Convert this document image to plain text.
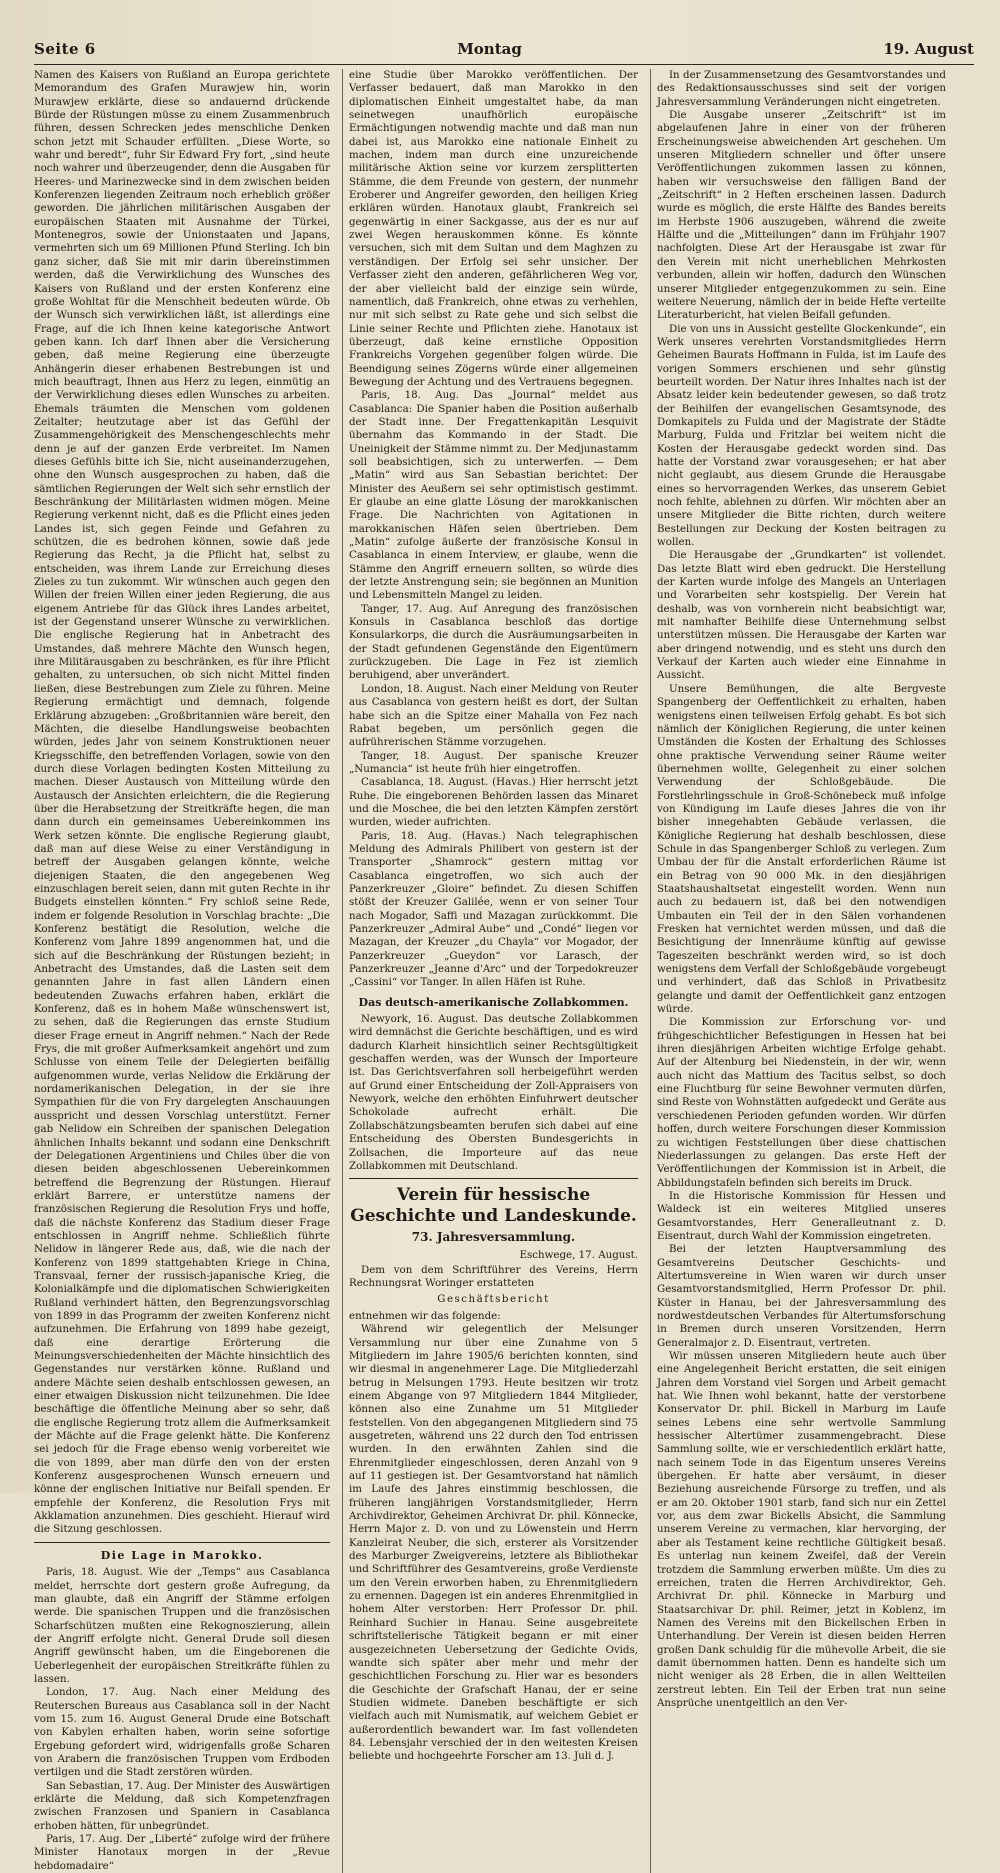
Seite 6	Montag	19. August

Namen des Kaisers von Rußland an Europa gerichtete Memorandum des Grafen Murawjew hin, worin Murawjew erklärte, diese so andauernd drückende Bürde der Rüstungen müsse zu einem Zusammenbruch führen, dessen Schrecken jedes menschliche Denken schon jetzt mit Schauder erfüllten. „Diese Worte, so wahr und beredt“, fuhr Sir Edward Fry fort, „sind heute noch wahrer und überzeugender, denn die Ausgaben für Heeres- und Marinezwecke sind in dem zwischen beiden Konferenzen liegenden Zeitraum noch erheblich größer geworden. Die jährlichen militärischen Ausgaben der europäischen Staaten mit Ausnahme der Türkei, Montenegros, sowie der Unionstaaten und Japans, vermehrten sich um 69 Millionen Pfund Sterling. Ich bin ganz sicher, daß Sie mit mir darin übereinstimmen werden, daß die Verwirklichung des Wunsches des Kaisers von Rußland und der ersten Konferenz eine große Wohltat für die Menschheit bedeuten würde. Ob der Wunsch sich verwirklichen läßt, ist allerdings eine Frage, auf die ich Ihnen keine kategorische Antwort geben kann. Ich darf Ihnen aber die Versicherung geben, daß meine Regierung eine überzeugte Anhängerin dieser erhabenen Bestrebungen ist und mich beauftragt, Ihnen aus Herz zu legen, einmütig an der Verwirklichung dieses edlen Wunsches zu arbeiten. Ehemals träumten die Menschen vom goldenen Zeitalter; heutzutage aber ist das Gefühl der Zusammengehörigkeit des Menschengeschlechts mehr denn je auf der ganzen Erde verbreitet. Im Namen dieses Gefühls bitte ich Sie, nicht auseinanderzugehen, ohne den Wunsch ausgesprochen zu haben, daß die sämtlichen Regierungen der Welt sich sehr ernstlich der Beschränkung der Militärlasten widmen mögen. Meine Regierung verkennt nicht, daß es die Pflicht eines jeden Landes ist, sich gegen Feinde und Gefahren zu schützen, die es bedrohen können, sowie daß jede Regierung das Recht, ja die Pflicht hat, selbst zu entscheiden, was ihrem Lande zur Erreichung dieses Zieles zu tun zukommt. Wir wünschen auch gegen den Willen der freien Willen einer jeden Regierung, die aus eigenem Antriebe für das Glück ihres Landes arbeitet, ist der Gegenstand unserer Wünsche zu verwirklichen. Die englische Regierung hat in Anbetracht des Umstandes, daß mehrere Mächte den Wunsch hegen, ihre Militärausgaben zu beschränken, es für ihre Pflicht gehalten, zu untersuchen, ob sich nicht Mittel finden ließen, diese Bestrebungen zum Ziele zu führen. Meine Regierung ermächtigt und demnach, folgende Erklärung abzugeben: „Großbritannien wäre bereit, den Mächten, die dieselbe Handlungsweise beobachten würden, jedes Jahr von seinem Konstruktionen neuer Kriegsschiffe, den betreffenden Vorlagen, sowie von den durch diese Vorlagen bedingten Kosten Mitteilung zu machen. Dieser Austausch von Mitteilung würde den Austausch der Ansichten erleichtern, die die Regierung über die Herabsetzung der Streitkräfte hegen, die man dann durch ein gemeinsames Uebereinkommen ins Werk setzen könnte. Die englische Regierung glaubt, daß man auf diese Weise zu einer Verständigung in betreff der Ausgaben gelangen könnte, welche diejenigen Staaten, die den angegebenen Weg einzuschlagen bereit seien, dann mit guten Rechte in ihr Budgets einstellen könnten.“ Fry schloß seine Rede, indem er folgende Resolution in Vorschlag brachte: „Die Konferenz bestätigt die Resolution, welche die Konferenz vom Jahre 1899 angenommen hat, und die sich auf die Beschränkung der Rüstungen bezieht; in Anbetracht des Umstandes, daß die Lasten seit dem genannten Jahre in fast allen Ländern einen bedeutenden Zuwachs erfahren haben, erklärt die Konferenz, daß es in hohem Maße wünschenswert ist, zu sehen, daß die Regierungen das ernste Studium dieser Frage erneut in Angriff nehmen.“ Nach der Rede Frys, die mit großer Aufmerksamkeit angehört und zum Schlusse von einem Teile der Delegierten beifällig aufgenommen wurde, verlas Nelidow die Erklärung der nordamerikanischen Delegation, in der sie ihre Sympathien für die von Fry dargelegten Anschauungen ausspricht und dessen Vorschlag unterstützt. Ferner gab Nelidow ein Schreiben der spanischen Delegation ähnlichen Inhalts bekannt und sodann eine Denkschrift der Delegationen Argentiniens und Chiles über die von diesen beiden abgeschlossenen Uebereinkommen betreffend die Begrenzung der Rüstungen. Hierauf erklärt Barrere, er unterstütze namens der französischen Regierung die Resolution Frys und hoffe, daß die nächste Konferenz das Stadium dieser Frage entschlossen in Angriff nehme. Schließlich führte Nelidow in längerer Rede aus, daß, wie die nach der Konferenz von 1899 stattgehabten Kriege in China, Transvaal, ferner der russisch-japanische Krieg, die Kolonialkämpfe und die diplomatischen Schwierigkeiten Rußland verhindert hätten, den Begrenzungsvorschlag von 1899 in das Programm der zweiten Konferenz nicht aufzunehmen. Die Erfahrung von 1899 habe gezeigt, daß eine derartige Erörterung die Meinungsverschiedenheiten der Mächte hinsichtlich des Gegenstandes nur verstärken könne. Rußland und andere Mächte seien deshalb entschlossen gewesen, an einer etwaigen Diskussion nicht teilzunehmen. Die Idee beschäftige die öffentliche Meinung aber so sehr, daß die englische Regierung trotz allem die Aufmerksamkeit der Mächte auf die Frage gelenkt hätte. Die Konferenz sei jedoch für die Frage ebenso wenig vorbereitet wie die von 1899, aber man dürfe den von der ersten Konferenz ausgesprochenen Wunsch erneuern und könne der englischen Initiative nur Beifall spenden. Er empfehle der Konferenz, die Resolution Frys mit Akklamation anzunehmen. Dies geschieht. Hierauf wird die Sitzung geschlossen.

Die Lage in Marokko.

Paris, 18. August. Wie der „Temps“ aus Casablanca meldet, herrschte dort gestern große Aufregung, da man glaubte, daß ein Angriff der Stämme erfolgen werde. Die spanischen Truppen und die französischen Scharfschützen mußten eine Rekognoszierung, allein der Angriff erfolgte nicht. General Drude soll diesen Angriff gewünscht haben, um die Eingeborenen die Ueberlegenheit der europäischen Streitkräfte fühlen zu lassen.

London, 17. Aug. Nach einer Meldung des Reuterschen Bureaus aus Casablanca soll in der Nacht vom 15. zum 16. August General Drude eine Botschaft von Kabylen erhalten haben, worin seine sofortige Ergebung gefordert wird, widrigenfalls große Scharen von Arabern die französischen Truppen vom Erdboden vertilgen und die Stadt zerstören würden.

San Sebastian, 17. Aug. Der Minister des Auswärtigen erklärte die Meldung, daß sich Kompetenzfragen zwischen Franzosen und Spaniern in Casablanca erhoben hätten, für unbegründet.

Paris, 17. Aug. Der „Liberté“ zufolge wird der frühere Minister Hanotaux morgen in der „Revue hebdomadaire“

eine Studie über Marokko veröffentlichen. Der Verfasser bedauert, daß man Marokko in den diplomatischen Einheit umgestaltet habe, da man seinetwegen unaufhörlich europäische Ermächtigungen notwendig machte und daß man nun dabei ist, aus Marokko eine nationale Einheit zu machen, indem man durch eine unzureichende militärische Aktion seine vor kurzem zersplitterten Stämme, die dem Freunde von gestern, der nunmehr Eroberer und Angreifer geworden, den heiligen Krieg erklären würden. Hanotaux glaubt, Frankreich sei gegenwärtig in einer Sackgasse, aus der es nur auf zwei Wegen herauskommen könne. Es könnte versuchen, sich mit dem Sultan und dem Maghzen zu verständigen. Der Erfolg sei sehr unsicher. Der Verfasser zieht den anderen, gefährlicheren Weg vor, der aber vielleicht bald der einzige sein würde, namentlich, daß Frankreich, ohne etwas zu verhehlen, nur mit sich selbst zu Rate gehe und sich selbst die Linie seiner Rechte und Pflichten ziehe. Hanotaux ist überzeugt, daß keine ernstliche Opposition Frankreichs Vorgehen gegenüber folgen würde. Die Beendigung seines Zögerns würde einer allgemeinen Bewegung der Achtung und des Vertrauens begegnen.

Paris, 18. Aug. Das „Journal“ meldet aus Casablanca: Die Spanier haben die Position außerhalb der Stadt inne. Der Fregattenkapitän Lesquivit übernahm das Kommando in der Stadt. Die Uneinigkeit der Stämme nimmt zu. Der Medjunastamm soll beabsichtigen, sich zu unterwerfen. — Dem „Matin“ wird aus San Sebastian berichtet: Der Minister des Aeußern sei sehr optimistisch gestimmt. Er glaube an eine glatte Lösung der marokkanischen Frage. Die Nachrichten von Agitationen in marokkanischen Häfen seien übertrieben. Dem „Matin“ zufolge äußerte der französische Konsul in Casablanca in einem Interview, er glaube, wenn die Stämme den Angriff erneuern sollten, so würde dies der letzte Anstrengung sein; sie begönnen an Munition und Lebensmitteln Mangel zu leiden.

Tanger, 17. Aug. Auf Anregung des französischen Konsuls in Casablanca beschloß das dortige Konsularkorps, die durch die Ausräumungsarbeiten in der Stadt gefundenen Gegenstände den Eigentümern zurückzugeben. Die Lage in Fez ist ziemlich beruhigend, aber unverändert.

London, 18. August. Nach einer Meldung von Reuter aus Casablanca von gestern heißt es dort, der Sultan habe sich an die Spitze einer Mahalla von Fez nach Rabat begeben, um persönlich gegen die aufrührerischen Stämme vorzugehen.

Tanger, 18. August. Der spanische Kreuzer „Numancia“ ist heute früh hier eingetroffen.

Casablanca, 18. August. (Havas.) Hier herrscht jetzt Ruhe. Die eingeborenen Behörden lassen das Minaret und die Moschee, die bei den letzten Kämpfen zerstört wurden, wieder aufrichten.

Paris, 18. Aug. (Havas.) Nach telegraphischen Meldung des Admirals Philibert von gestern ist der Transporter „Shamrock“ gestern mittag vor Casablanca eingetroffen, wo sich auch der Panzerkreuzer „Gloire“ befindet. Zu diesen Schiffen stößt der Kreuzer Galilée, wenn er von seiner Tour nach Mogador, Saffi und Mazagan zurückkommt. Die Panzerkreuzer „Admiral Aube“ und „Condé“ liegen vor Mazagan, der Kreuzer „du Chayla“ vor Mogador, der Panzerkreuzer „Gueydon“ vor Larasch, der Panzerkreuzer „Jeanne d'Arc“ und der Torpedokreuzer „Cassini“ vor Tanger. In allen Häfen ist Ruhe.

Das deutsch-amerikanische Zollabkommen.

Newyork, 16. August. Das deutsche Zollabkommen wird demnächst die Gerichte beschäftigen, und es wird dadurch Klarheit hinsichtlich seiner Rechtsgültigkeit geschaffen werden, was der Wunsch der Importeure ist. Das Gerichtsverfahren soll herbeigeführt werden auf Grund einer Entscheidung der Zoll-Appraisers von Newyork, welche den erhöhten Einfuhrwert deutscher Schokolade aufrecht erhält. Die Zollabschätzungsbeamten berufen sich dabei auf eine Entscheidung des Obersten Bundesgerichts in Zollsachen, die Importeure auf das neue Zollabkommen mit Deutschland.

Verein für hessische Geschichte und Landeskunde.
73. Jahresversammlung.
Eschwege, 17. August.

Dem von dem Schriftführer des Vereins, Herrn Rechnungsrat Woringer erstatteten

Geschäftsbericht

entnehmen wir das folgende:

Während wir gelegentlich der Melsunger Versammlung nur über eine Zunahme von 5 Mitgliedern im Jahre 1905/6 berichten konnten, sind wir diesmal in angenehmerer Lage. Die Mitgliederzahl betrug in Melsungen 1793. Heute besitzen wir trotz einem Abgange von 97 Mitgliedern 1844 Mitglieder, können also eine Zunahme um 51 Mitglieder feststellen. Von den abgegangenen Mitgliedern sind 75 ausgetreten, während uns 22 durch den Tod entrissen wurden. In den erwähnten Zahlen sind die Ehrenmitglieder eingeschlossen, deren Anzahl von 9 auf 11 gestiegen ist. Der Gesamtvorstand hat nämlich im Laufe des Jahres einstimmig beschlossen, die früheren langjährigen Vorstandsmitglieder, Herrn Archivdirektor, Geheimen Archivrat Dr. phil. Könnecke, Herrn Major z. D. von und zu Löwenstein und Herrn Kanzleirat Neuber, die sich, ersterer als Vorsitzender des Marburger Zweigvereins, letztere als Bibliothekar und Schriftführer des Gesamtvereins, große Verdienste um den Verein erworben haben, zu Ehrenmitgliedern zu ernennen. Dagegen ist ein anderes Ehrenmitglied in hohem Alter verstorben: Herr Professor Dr. phil. Reinhard Suchier in Hanau. Seine ausgebreitete schriftstellerische Tätigkeit begann er mit einer ausgezeichneten Uebersetzung der Gedichte Ovids, wandte sich später aber mehr und mehr der geschichtlichen Forschung zu. Hier war es besonders die Geschichte der Grafschaft Hanau, der er seine Studien widmete. Daneben beschäftigte er sich vielfach auch mit Numismatik, auf welchem Gebiet er außerordentlich bewandert war. Im fast vollendeten 84. Lebensjahr verschied der in den weitesten Kreisen beliebte und hochgeehrte Forscher am 13. Juli d. J.

In der Zusammensetzung des Gesamtvorstandes und des Redaktionsausschusses sind seit der vorigen Jahresversammlung Veränderungen nicht eingetreten.

Die Ausgabe unserer „Zeitschrift“ ist im abgelaufenen Jahre in einer von der früheren Erscheinungsweise abweichenden Art geschehen. Um unseren Mitgliedern schneller und öfter unsere Veröffentlichungen zukommen lassen zu können, haben wir versuchsweise den fälligen Band der „Zeitschrift“ in 2 Heften erscheinen lassen. Dadurch wurde es möglich, die erste Hälfte des Bandes bereits im Herbste 1906 auszugeben, während die zweite Hälfte und die „Mitteilungen“ dann im Frühjahr 1907 nachfolgten. Diese Art der Herausgabe ist zwar für den Verein mit nicht unerheblichen Mehrkosten verbunden, allein wir hoffen, dadurch den Wünschen unserer Mitglieder entgegenzukommen zu sein. Eine weitere Neuerung, nämlich der in beide Hefte verteilte Literaturbericht, hat vielen Beifall gefunden.

Die von uns in Aussicht gestellte Glockenkunde“, ein Werk unseres verehrten Vorstandsmitgliedes Herrn Geheimen Baurats Hoffmann in Fulda, ist im Laufe des vorigen Sommers erschienen und sehr günstig beurteilt worden. Der Natur ihres Inhaltes nach ist der Absatz leider kein bedeutender gewesen, so daß trotz der Beihilfen der evangelischen Gesamtsynode, des Domkapitels zu Fulda und der Magistrate der Städte Marburg, Fulda und Fritzlar bei weitem nicht die Kosten der Herausgabe gedeckt worden sind. Das hatte der Vorstand zwar vorausgesehen; er hat aber nicht geglaubt, aus diesem Grunde die Herausgabe eines so hervorragenden Werkes, das unserem Gebiet noch fehlte, ablehnen zu dürfen. Wir möchten aber an unsere Mitglieder die Bitte richten, durch weitere Bestellungen zur Deckung der Kosten beitragen zu wollen.

Die Herausgabe der „Grundkarten“ ist vollendet. Das letzte Blatt wird eben gedruckt. Die Herstellung der Karten wurde infolge des Mangels an Unterlagen und Vorarbeiten sehr kostspielig. Der Verein hat deshalb, was von vornherein nicht beabsichtigt war, mit namhafter Beihilfe diese Unternehmung selbst unterstützen müssen. Die Herausgabe der Karten war aber dringend notwendig, und es steht uns durch den Verkauf der Karten auch wieder eine Einnahme in Aussicht.

Unsere Bemühungen, die alte Bergveste Spangenberg der Oeffentlichkeit zu erhalten, haben wenigstens einen teilweisen Erfolg gehabt. Es bot sich nämlich der Königlichen Regierung, die unter keinen Umständen die Kosten der Erhaltung des Schlosses ohne praktische Verwendung seiner Räume weiter übernehmen wollte, Gelegenheit zu einer solchen Verwendung der Schloßgebäude. Die Forstlehrlingsschule in Groß-Schönebeck muß infolge von Kündigung im Laufe dieses Jahres die von ihr bisher innegehabten Gebäude verlassen, die Königliche Regierung hat deshalb beschlossen, diese Schule in das Spangenberger Schloß zu verlegen. Zum Umbau der für die Anstalt erforderlichen Räume ist ein Betrag von 90 000 Mk. in den diesjährigen Staatshaushaltsetat eingestellt worden. Wenn nun auch zu bedauern ist, daß bei den notwendigen Umbauten ein Teil der in den Sälen vorhandenen Fresken hat vernichtet werden müssen, und daß die Besichtigung der Innenräume künftig auf gewisse Tageszeiten beschränkt werden wird, so ist doch wenigstens dem Verfall der Schloßgebäude vorgebeugt und verhindert, daß das Schloß in Privatbesitz gelangte und damit der Oeffentlichkeit ganz entzogen würde.

Die Kommission zur Erforschung vor- und frühgeschichtlicher Befestigungen in Hessen hat bei ihren diesjährigen Arbeiten wichtige Erfolge gehabt. Auf der Altenburg bei Niedenstein, in der wir, wenn auch nicht das Mattium des Tacitus selbst, so doch eine Fluchtburg für seine Bewohner vermuten dürfen, sind Reste von Wohnstätten aufgedeckt und Geräte aus verschiedenen Perioden gefunden worden. Wir dürfen hoffen, durch weitere Forschungen dieser Kommission zu wichtigen Feststellungen über diese chattischen Niederlassungen zu gelangen. Das erste Heft der Veröffentlichungen der Kommission ist in Arbeit, die Abbildungstafeln befinden sich bereits im Druck.

In die Historische Kommission für Hessen und Waldeck ist ein weiteres Mitglied unseres Gesamtvorstandes, Herr Generalleutnant z. D. Eisentraut, durch Wahl der Kommission eingetreten.

Bei der letzten Hauptversammlung des Gesamtvereins Deutscher Geschichts- und Altertumsvereine in Wien waren wir durch unser Gesamtvorstandsmitglied, Herrn Professor Dr. phil. Küster in Hanau, bei der Jahresversammlung des nordwestdeutschen Verbandes für Altertumsforschung in Bremen durch unseren Vorsitzenden, Herrn Generalmajor z. D. Eisentraut, vertreten.

Wir müssen unseren Mitgliedern heute auch über eine Angelegenheit Bericht erstatten, die seit einigen Jahren dem Vorstand viel Sorgen und Arbeit gemacht hat. Wie Ihnen wohl bekannt, hatte der verstorbene Konservator Dr. phil. Bickell in Marburg im Laufe seines Lebens eine sehr wertvolle Sammlung hessischer Altertümer zusammengebracht. Diese Sammlung sollte, wie er verschiedentlich erklärt hatte, nach seinem Tode in das Eigentum unseres Vereins übergehen. Er hatte aber versäumt, in dieser Beziehung ausreichende Fürsorge zu treffen, und als er am 20. Oktober 1901 starb, fand sich nur ein Zettel vor, aus dem zwar Bickells Absicht, die Sammlung unserem Vereine zu vermachen, klar hervorging, der aber als Testament keine rechtliche Gültigkeit besaß. Es unterlag nun keinem Zweifel, daß der Verein trotzdem die Sammlung erwerben müßte. Um dies zu erreichen, traten die Herren Archivdirektor, Geh. Archivrat Dr. phil. Könnecke in Marburg und Staatsarchivar Dr. phil. Reimer, jetzt in Koblenz, im Namen des Vereins mit den Bickellschen Erben in Unterhandlung. Der Verein ist diesen beiden Herren großen Dank schuldig für die mühevolle Arbeit, die sie damit übernommen hatten. Denn es handelte sich um nicht weniger als 28 Erben, die in allen Weltteilen zerstreut lebten. Ein Teil der Erben trat nun seine Ansprüche unentgeltlich an den Ver-
